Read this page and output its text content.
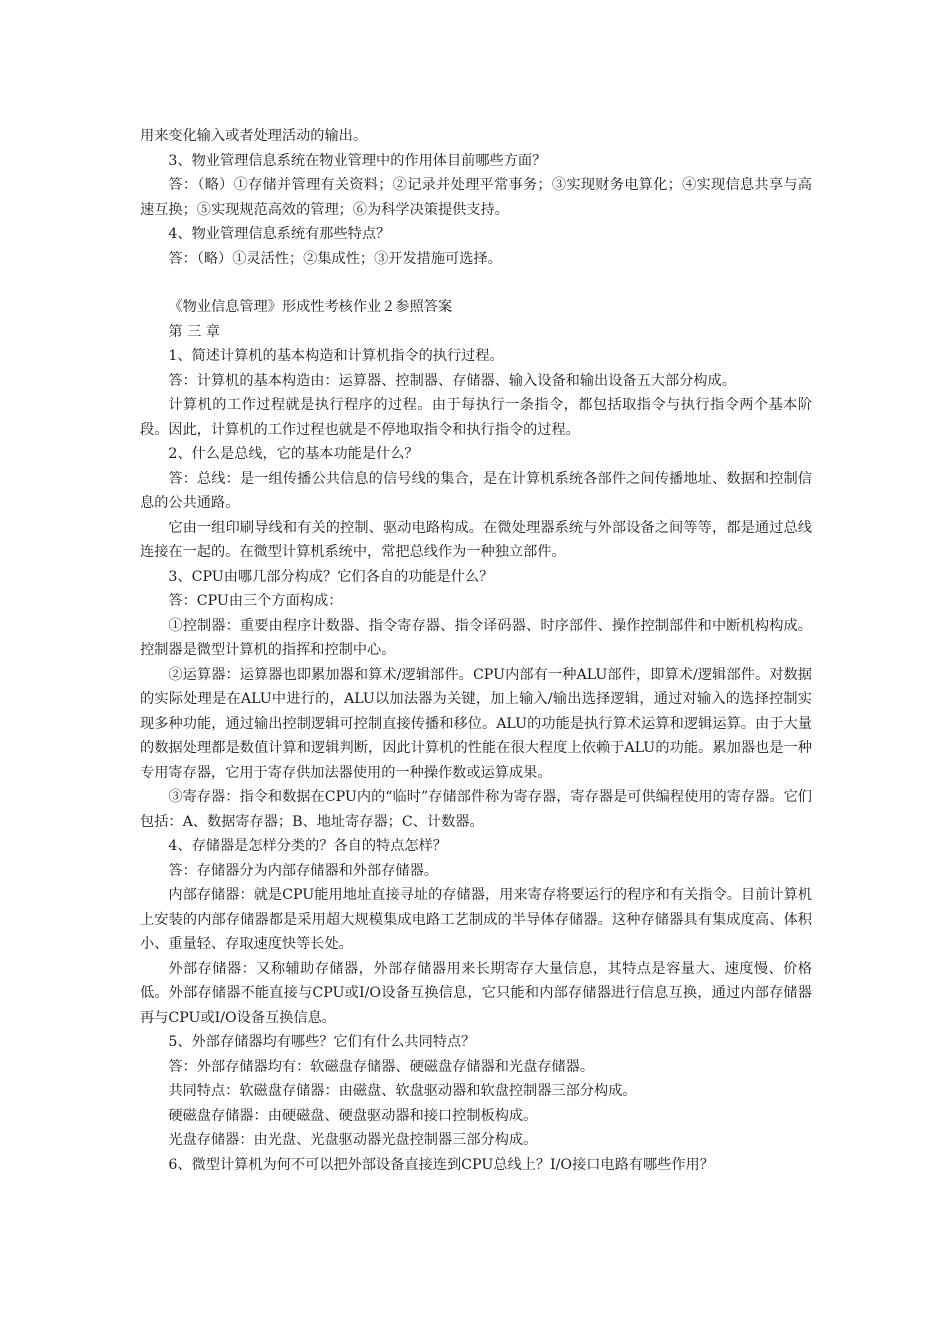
用来变化输入或者处理活动的输出。

3、物业管理信息系统在物业管理中的作用体目前哪些方面？

答：（略）①存储并管理有关资料；②记录并处理平常事务；③实现财务电算化；④实现信息共享与高速互换；⑤实现规范高效的管理；⑥为科学决策提供支持。

4、物业管理信息系统有那些特点？

答：（略）①灵活性；②集成性；③开发措施可选择。

《物业信息管理》形成性考核作业２参照答案

第 三 章

1、简述计算机的基本构造和计算机指令的执行过程。

答：计算机的基本构造由：运算器、控制器、存储器、输入设备和输出设备五大部分构成。

计算机的工作过程就是执行程序的过程。由于每执行一条指令，都包括取指令与执行指令两个基本阶段。因此，计算机的工作过程也就是不停地取指令和执行指令的过程。

2、什么是总线，它的基本功能是什么？

答：总线：是一组传播公共信息的信号线的集合，是在计算机系统各部件之间传播地址、数据和控制信息的公共通路。

它由一组印刷导线和有关的控制、驱动电路构成。在微处理器系统与外部设备之间等等，都是通过总线连接在一起的。在微型计算机系统中，常把总线作为一种独立部件。

3、CPU由哪几部分构成？它们各自的功能是什么？

答：CPU由三个方面构成：

①控制器：重要由程序计数器、指令寄存器、指令译码器、时序部件、操作控制部件和中断机构构成。控制器是微型计算机的指挥和控制中心。

②运算器：运算器也即累加器和算术/逻辑部件。CPU内部有一种ALU部件，即算术/逻辑部件。对数据的实际处理是在ALU中进行的，ALU以加法器为关键，加上输入/输出选择逻辑，通过对输入的选择控制实现多种功能，通过输出控制逻辑可控制直接传播和移位。ALU的功能是执行算术运算和逻辑运算。由于大量的数据处理都是数值计算和逻辑判断，因此计算机的性能在很大程度上依赖于ALU的功能。累加器也是一种专用寄存器，它用于寄存供加法器使用的一种操作数或运算成果。

③寄存器：指令和数据在CPU内的“临时”存储部件称为寄存器，寄存器是可供编程使用的寄存器。它们包括：A、数据寄存器；B、地址寄存器；C、计数器。

4、存储器是怎样分类的？各自的特点怎样？

答：存储器分为内部存储器和外部存储器。

内部存储器：就是CPU能用地址直接寻址的存储器，用来寄存将要运行的程序和有关指令。目前计算机上安装的内部存储器都是采用超大规模集成电路工艺制成的半导体存储器。这种存储器具有集成度高、体积小、重量轻、存取速度快等长处。

外部存储器：又称辅助存储器，外部存储器用来长期寄存大量信息，其特点是容量大、速度慢、价格低。外部存储器不能直接与CPU或I/O设备互换信息，它只能和内部存储器进行信息互换，通过内部存储器再与CPU或I/O设备互换信息。

5、外部存储器均有哪些？它们有什么共同特点？

答：外部存储器均有：软磁盘存储器、硬磁盘存储器和光盘存储器。

共同特点：软磁盘存储器：由磁盘、软盘驱动器和软盘控制器三部分构成。

硬磁盘存储器：由硬磁盘、硬盘驱动器和接口控制板构成。

光盘存储器：由光盘、光盘驱动器光盘控制器三部分构成。

6、微型计算机为何不可以把外部设备直接连到CPU总线上？I/O接口电路有哪些作用？
